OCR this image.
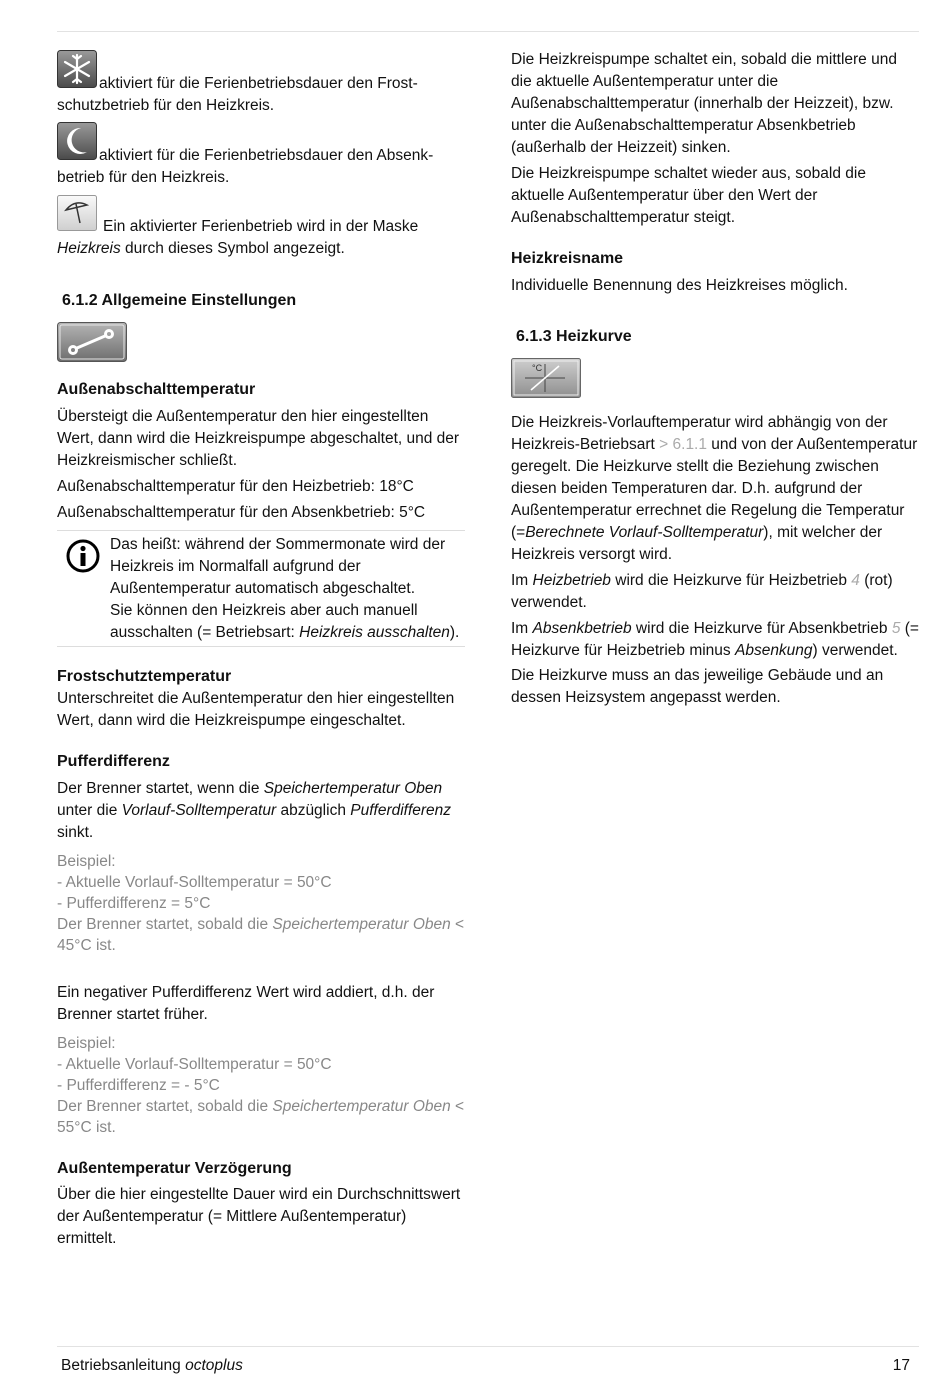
aktiviert für die Ferienbetriebsdauer den Frost-
schutzbetrieb für den Heizkreis.
aktiviert für die Ferienbetriebsdauer den Absenk-
betrieb für den Heizkreis.
Ein aktivierter Ferienbetrieb wird in der Maske
Heizkreis durch dieses Symbol angezeigt.

6.1.2 Allgemeine Einstellungen

Außenabschalttemperatur

Übersteigt die Außentemperatur den hier eingestellten Wert, dann wird die Heizkreispumpe abgeschaltet, und der Heizkreismischer schließt.

Außenabschalttemperatur für den Heizbetrieb: 18°C

Außenabschalttemperatur für den Absenkbetrieb: 5°C

Das heißt: während der Sommermonate wird der Heizkreis im Normalfall aufgrund der Außentemperatur automatisch abgeschaltet.

Sie können den Heizkreis aber auch manuell ausschalten (= Betriebsart: Heizkreis ausschalten).

Frostschutztemperatur

Unterschreitet die Außentemperatur den hier eingestellten Wert, dann wird die Heizkreispumpe eingeschaltet.

Pufferdifferenz

Der Brenner startet, wenn die Speichertemperatur Oben unter die Vorlauf-Solltemperatur abzüglich Pufferdifferenz sinkt.

Beispiel:
- Aktuelle Vorlauf-Solltemperatur = 50°C
- Pufferdifferenz = 5°C
Der Brenner startet, sobald die Speichertemperatur Oben < 45°C ist.

Ein negativer Pufferdifferenz Wert wird addiert, d.h. der Brenner startet früher.

Beispiel:
- Aktuelle Vorlauf-Solltemperatur = 50°C
- Pufferdifferenz = - 5°C
Der Brenner startet, sobald die Speichertemperatur Oben < 55°C ist.

Außentemperatur Verzögerung

Über die hier eingestellte Dauer wird ein Durchschnittswert der Außentemperatur (= Mittlere Außentemperatur) ermittelt.

Die Heizkreispumpe schaltet ein, sobald die mittlere und die aktuelle Außentemperatur unter die Außenabschalttemperatur (innerhalb der Heizzeit), bzw. unter die Außenabschalttemperatur Absenkbetrieb (außerhalb der Heizzeit) sinken.

Die Heizkreispumpe schaltet wieder aus, sobald die aktuelle Außentemperatur über den Wert der Außenabschalttemperatur steigt.

Heizkreisname

Individuelle Benennung des Heizkreises möglich.

6.1.3 Heizkurve

°C

Die Heizkreis-Vorlauftemperatur wird abhängig von der Heizkreis-Betriebsart > 6.1.1 und von der Außentemperatur geregelt. Die Heizkurve stellt die Beziehung zwischen diesen beiden Temperaturen dar. D.h. aufgrund der Außentemperatur errechnet die Regelung die Temperatur (=Berechnete Vorlauf-Solltemperatur), mit welcher der Heizkreis versorgt wird.

Im Heizbetrieb wird die Heizkurve für Heizbetrieb 4 (rot) verwendet.

Im Absenkbetrieb wird die Heizkurve für Absenkbetrieb 5 (= Heizkurve für Heizbetrieb minus Absenkung) verwendet.

Die Heizkurve muss an das jeweilige Gebäude und an dessen Heizsystem angepasst werden.

Betriebsanleitung octoplus	17
